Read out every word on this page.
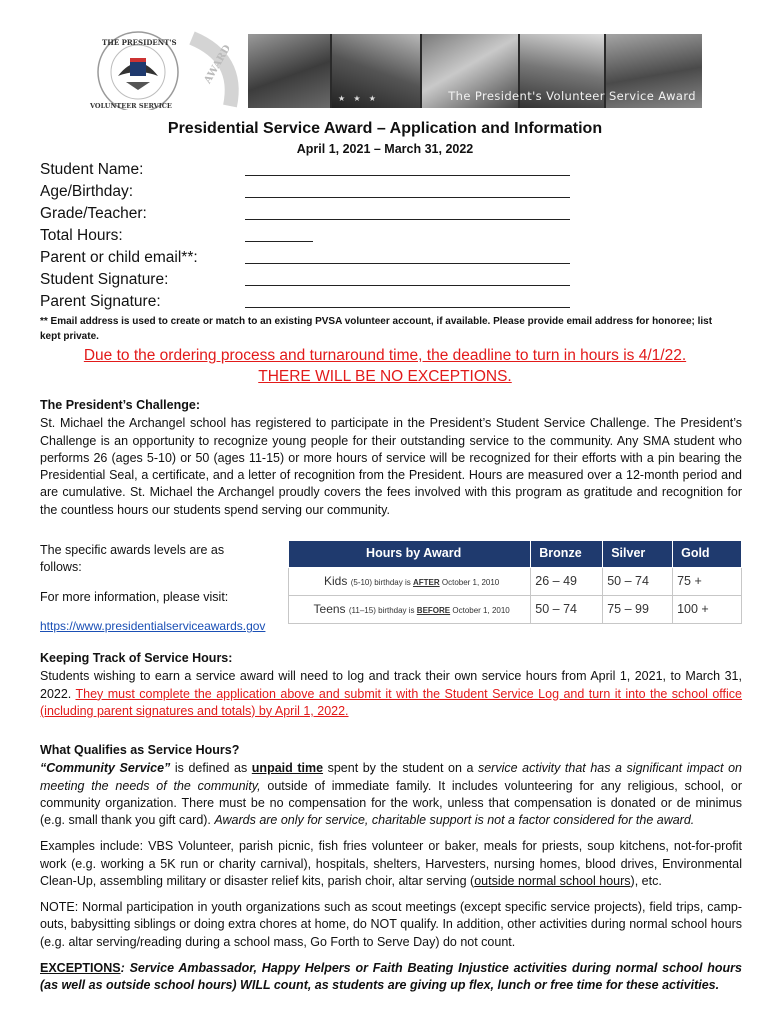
THE PRESIDENT'S
VOLUNTEER SERVICE
AWARD
★ ★ ★	The President's Volunteer Service Award
Presidential Service Award – Application and Information
April 1, 2021 – March 31, 2022
Student Name:
Age/Birthday:
Grade/Teacher:
Total Hours:
Parent or child email**:
Student Signature:
Parent Signature:
** Email address is used to create or match to an existing PVSA volunteer account, if available. Please provide email address for honoree; list kept private.
Due to the ordering process and turnaround time, the deadline to turn in hours is 4/1/22.
THERE WILL BE NO EXCEPTIONS.
The President’s Challenge:

St. Michael the Archangel school has registered to participate in the President’s Student Service Challenge. The President’s Challenge is an opportunity to recognize young people for their outstanding service to the community. Any SMA student who performs 26 (ages 5-10) or 50 (ages 11-15) or more hours of service will be recognized for their efforts with a pin bearing the Presidential Seal, a certificate, and a letter of recognition from the President. Hours are measured over a 12-month period and are cumulative. St. Michael the Archangel proudly covers the fees involved with this program as gratitude and recognition for the countless hours our students spend serving our community.

The specific awards levels are as follows:
For more information, please visit:
https://www.presidentialserviceawards.gov
Hours by Award	Bronze	Silver	Gold
Kids (5-10) birthday is AFTER October 1, 2010	26 – 49	50 – 74	75 +
Teens (11–15) birthday is BEFORE October 1, 2010	50 – 74	75 – 99	100 +
Keeping Track of Service Hours:

Students wishing to earn a service award will need to log and track their own service hours from April 1, 2021, to March 31, 2022. They must complete the application above and submit it with the Student Service Log and turn it into the school office (including parent signatures and totals) by April 1, 2022.

What Qualifies as Service Hours?

“Community Service” is defined as unpaid time spent by the student on a service activity that has a significant impact on meeting the needs of the community, outside of immediate family. It includes volunteering for any religious, school, or community organization. There must be no compensation for the work, unless that compensation is donated or de minimus (e.g. small thank you gift card). Awards are only for service, charitable support is not a factor considered for the award.

Examples include: VBS Volunteer, parish picnic, fish fries volunteer or baker, meals for priests, soup kitchens, not-for-profit work (e.g. working a 5K run or charity carnival), hospitals, shelters, Harvesters, nursing homes, blood drives, Environmental Clean-Up, assembling military or disaster relief kits, parish choir, altar serving (outside normal school hours), etc.

NOTE: Normal participation in youth organizations such as scout meetings (except specific service projects), field trips, camp-outs, babysitting siblings or doing extra chores at home, do NOT qualify. In addition, other activities during normal school hours (e.g. altar serving/reading during a school mass, Go Forth to Serve Day) do not count.

EXCEPTIONS: Service Ambassador, Happy Helpers or Faith Beating Injustice activities during normal school hours (as well as outside school hours) WILL count, as students are giving up flex, lunch or free time for these activities.
